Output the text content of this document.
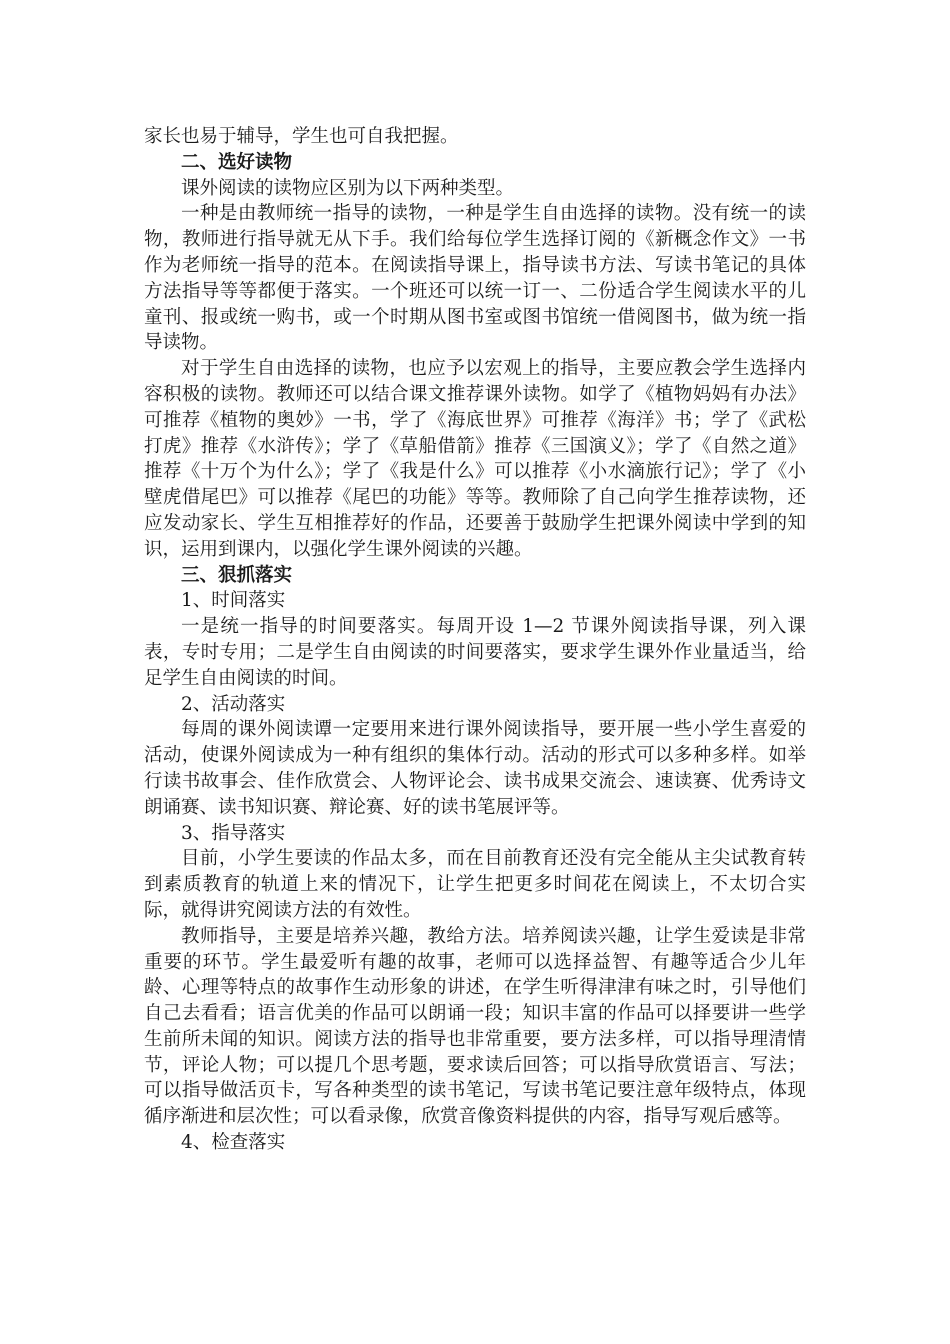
家长也易于辅导，学生也可自我把握。

二、选好读物

课外阅读的读物应区别为以下两种类型。

一种是由教师统一指导的读物，一种是学生自由选择的读物。没有统一的读物，教师进行指导就无从下手。我们给每位学生选择订阅的《新概念作文》一书作为老师统一指导的范本。在阅读指导课上，指导读书方法、写读书笔记的具体方法指导等等都便于落实。一个班还可以统一订一、二份适合学生阅读水平的儿童刊、报或统一购书，或一个时期从图书室或图书馆统一借阅图书，做为统一指导读物。

对于学生自由选择的读物，也应予以宏观上的指导，主要应教会学生选择内容积极的读物。教师还可以结合课文推荐课外读物。如学了《植物妈妈有办法》可推荐《植物的奥妙》一书，学了《海底世界》可推荐《海洋》书；学了《武松打虎》推荐《水浒传》；学了《草船借箭》推荐《三国演义》；学了《自然之道》推荐《十万个为什么》；学了《我是什么》可以推荐《小水滴旅行记》；学了《小壁虎借尾巴》可以推荐《尾巴的功能》等等。教师除了自己向学生推荐读物，还应发动家长、学生互相推荐好的作品，还要善于鼓励学生把课外阅读中学到的知识，运用到课内，以强化学生课外阅读的兴趣。

三、狠抓落实

1、时间落实

一是统一指导的时间要落实。每周开设 1—2 节课外阅读指导课，列入课表，专时专用；二是学生自由阅读的时间要落实，要求学生课外作业量适当，给足学生自由阅读的时间。

2、活动落实

每周的课外阅读谭一定要用来进行课外阅读指导，要开展一些小学生喜爱的活动，使课外阅读成为一种有组织的集体行动。活动的形式可以多种多样。如举行读书故事会、佳作欣赏会、人物评论会、读书成果交流会、速读赛、优秀诗文朗诵赛、读书知识赛、辩论赛、好的读书笔展评等。

3、指导落实

目前，小学生要读的作品太多，而在目前教育还没有完全能从主尖试教育转到素质教育的轨道上来的情况下，让学生把更多时间花在阅读上，不太切合实际，就得讲究阅读方法的有效性。

教师指导，主要是培养兴趣，教给方法。培养阅读兴趣，让学生爱读是非常重要的环节。学生最爱听有趣的故事，老师可以选择益智、有趣等适合少儿年龄、心理等特点的故事作生动形象的讲述，在学生听得津津有味之时，引导他们自己去看看；语言优美的作品可以朗诵一段；知识丰富的作品可以择要讲一些学生前所未闻的知识。阅读方法的指导也非常重要，要方法多样，可以指导理清情节，评论人物；可以提几个思考题，要求读后回答；可以指导欣赏语言、写法；可以指导做活页卡，写各种类型的读书笔记，写读书笔记要注意年级特点，体现循序渐进和层次性；可以看录像，欣赏音像资料提供的内容，指导写观后感等。

4、检查落实
